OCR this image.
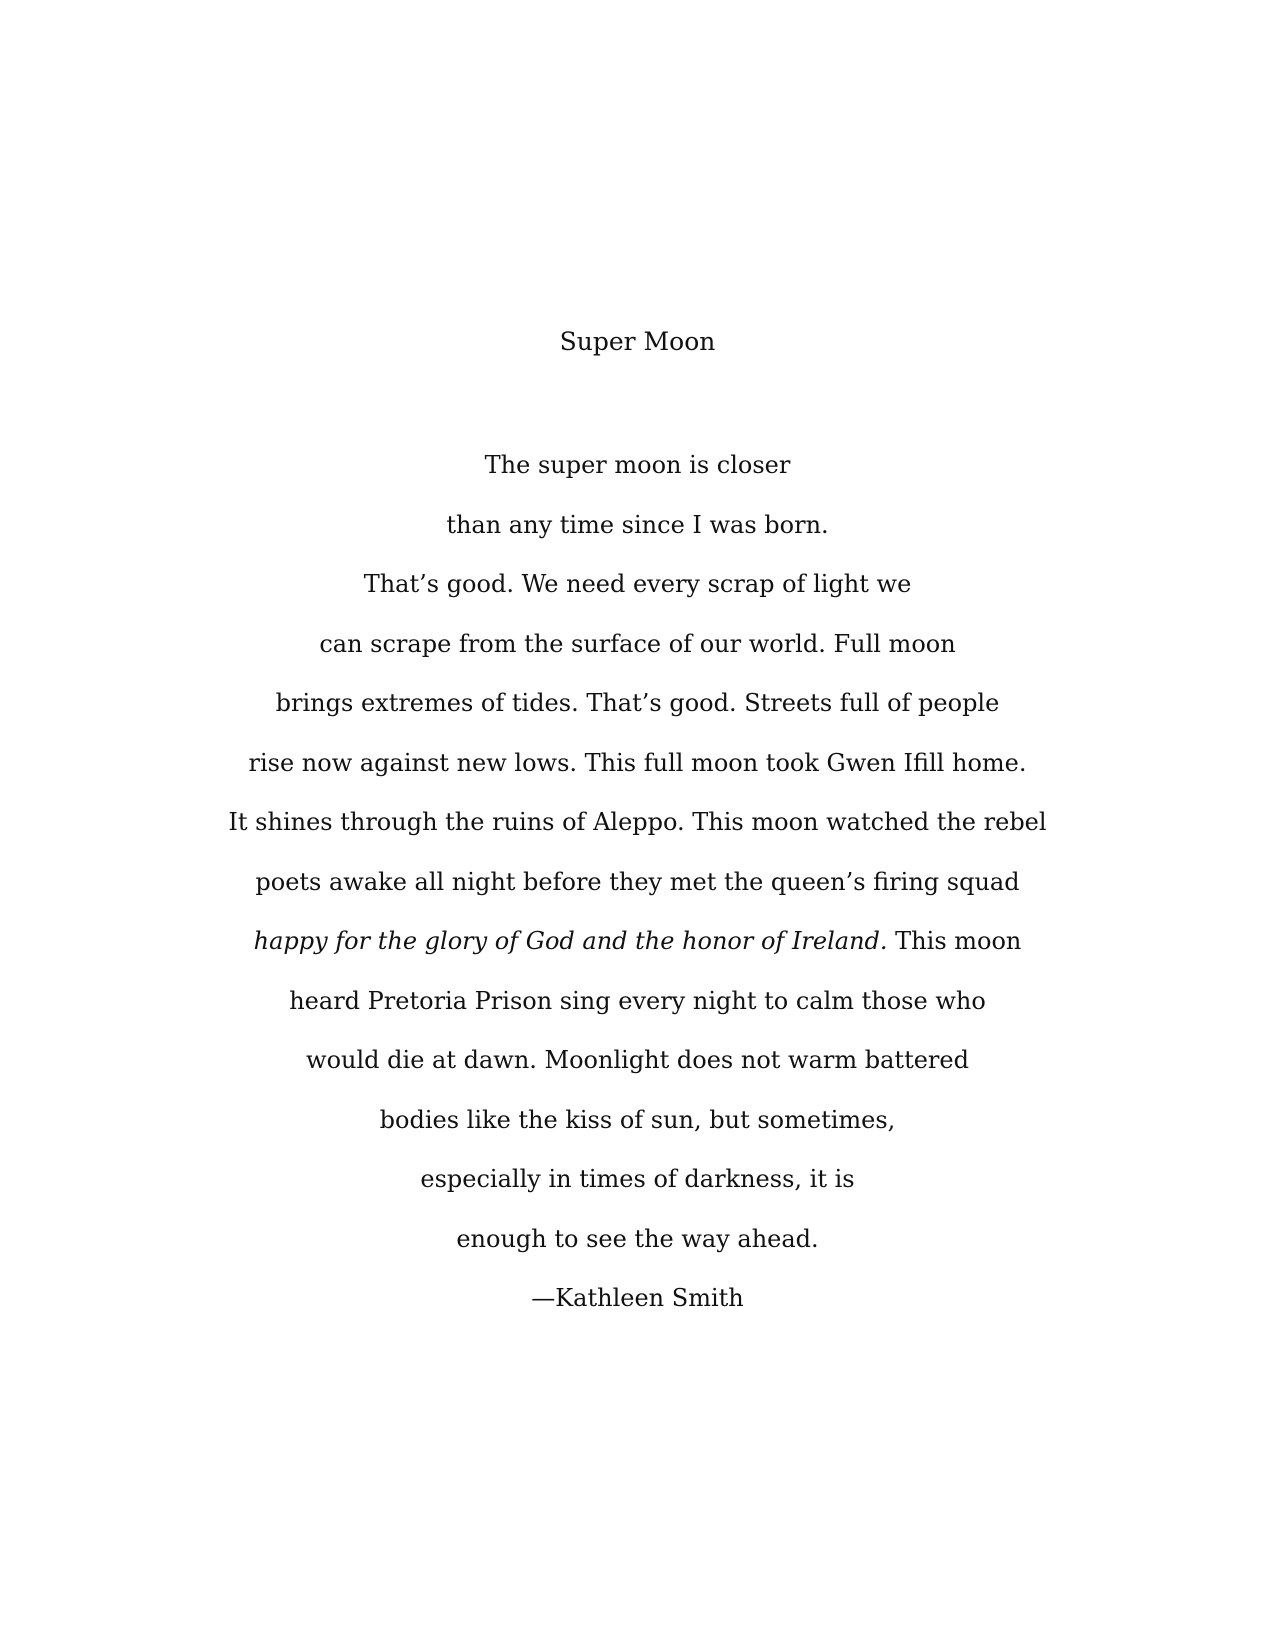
Super Moon
The super moon is closer
than any time since I was born.
That’s good. We need every scrap of light we
can scrape from the surface of our world. Full moon
brings extremes of tides. That’s good. Streets full of people
rise now against new lows. This full moon took Gwen Ifill home.
It shines through the ruins of Aleppo. This moon watched the rebel
poets awake all night before they met the queen’s firing squad
happy for the glory of God and the honor of Ireland. This moon
heard Pretoria Prison sing every night to calm those who
would die at dawn. Moonlight does not warm battered
bodies like the kiss of sun, but sometimes,
especially in times of darkness, it is
enough to see the way ahead.
—Kathleen Smith
